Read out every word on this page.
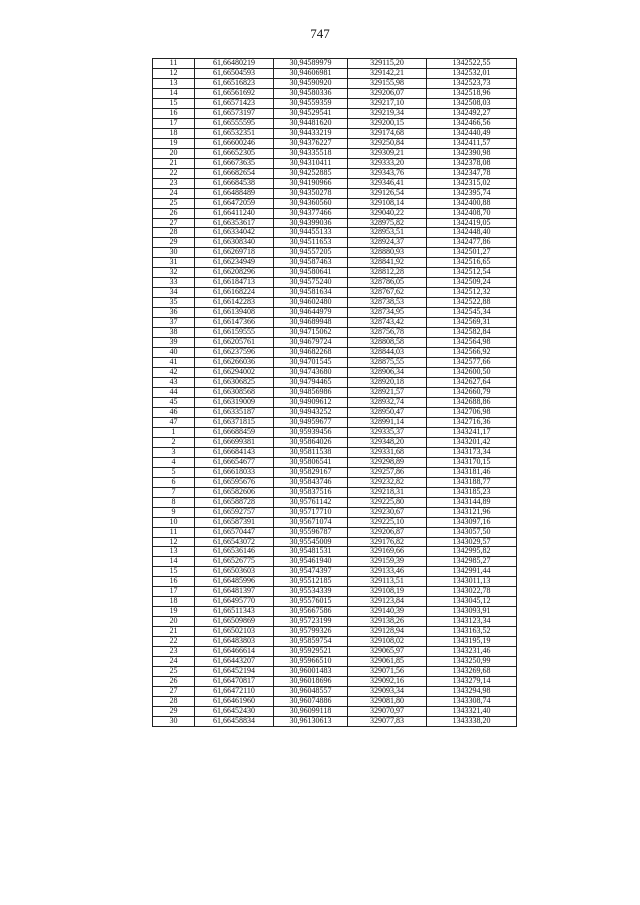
747
11	61,66480219	30,94589979	329115,20	1342522,55
12	61,66504593	30,94606981	329142,21	1342532,01
13	61,66516823	30,94590920	329155,98	1342523,73
14	61,66561692	30,94580336	329206,07	1342518,96
15	61,66571423	30,94559359	329217,10	1342508,03
16	61,66573197	30,94529541	329219,34	1342492,27
17	61,66555595	30,94481620	329200,15	1342466,56
18	61,66532351	30,94433219	329174,68	1342440,49
19	61,66600246	30,94376227	329250,84	1342411,57
20	61,66652305	30,94335518	329309,21	1342390,98
21	61,66673635	30,94310411	329333,20	1342378,08
22	61,66682654	30,94252885	329343,76	1342347,78
23	61,66684538	30,94190966	329346,41	1342315,02
24	61,66488489	30,94350278	329126,54	1342395,74
25	61,66472059	30,94360560	329108,14	1342400,88
26	61,66411240	30,94377466	329040,22	1342408,70
27	61,66353617	30,94399036	328975,82	1342419,05
28	61,66334042	30,94455133	328953,51	1342448,40
29	61,66308340	30,94511653	328924,37	1342477,86
30	61,66269718	30,94557205	328880,93	1342501,27
31	61,66234949	30,94587463	328841,92	1342516,65
32	61,66208296	30,94580641	328812,28	1342512,54
33	61,66184713	30,94575240	328786,05	1342509,24
34	61,66168224	30,94581634	328767,62	1342512,32
35	61,66142283	30,94602480	328738,53	1342522,88
36	61,66139408	30,94644979	328734,95	1342545,34
37	61,66147366	30,94689948	328743,42	1342569,31
38	61,66159555	30,94715062	328756,78	1342582,84
39	61,66205761	30,94679724	328808,58	1342564,98
40	61,66237596	30,94682268	328844,03	1342566,92
41	61,66266036	30,94701545	328875,55	1342577,66
42	61,66294002	30,94743680	328906,34	1342600,50
43	61,66306825	30,94794465	328920,18	1342627,64
44	61,66308568	30,94856986	328921,57	1342660,79
45	61,66319009	30,94909612	328932,74	1342688,86
46	61,66335187	30,94943252	328950,47	1342706,98
47	61,66371815	30,94959677	328991,14	1342716,36
1	61,66688459	30,95939456	329335,37	1343241,17
2	61,66699381	30,95864026	329348,20	1343201,42
3	61,66684143	30,95811538	329331,68	1343173,34
4	61,66654677	30,95806541	329298,89	1343170,15
5	61,66618033	30,95829167	329257,86	1343181,46
6	61,66595676	30,95843746	329232,82	1343188,77
7	61,66582606	30,95837516	329218,31	1343185,23
8	61,66588728	30,95761142	329225,80	1343144,89
9	61,66592757	30,95717710	329230,67	1343121,96
10	61,66587391	30,95671074	329225,10	1343097,16
11	61,66570447	30,95596787	329206,87	1343057,50
12	61,66543072	30,95545009	329176,82	1343029,57
13	61,66536146	30,95481531	329169,66	1342995,82
14	61,66526775	30,95461940	329159,39	1342985,27
15	61,66503603	30,95474397	329133,46	1342991,44
16	61,66485996	30,95512185	329113,51	1343011,13
17	61,66481397	30,95534339	329108,19	1343022,78
18	61,66495770	30,95576015	329123,84	1343045,12
19	61,66511343	30,95667586	329140,39	1343093,91
20	61,66509869	30,95723199	329138,26	1343123,34
21	61,66502103	30,95799326	329128,94	1343163,52
22	61,66483803	30,95859754	329108,02	1343195,19
23	61,66466614	30,95929521	329065,97	1343231,46
24	61,66443207	30,95966510	329061,85	1343250,99
25	61,66452194	30,96001483	329071,56	1343269,68
26	61,66470817	30,96018696	329092,16	1343279,14
27	61,66472110	30,96048557	329093,34	1343294,98
28	61,66461960	30,96074886	329081,80	1343308,74
29	61,66452430	30,96099118	329070,97	1343321,40
30	61,66458834	30,96130613	329077,83	1343338,20
